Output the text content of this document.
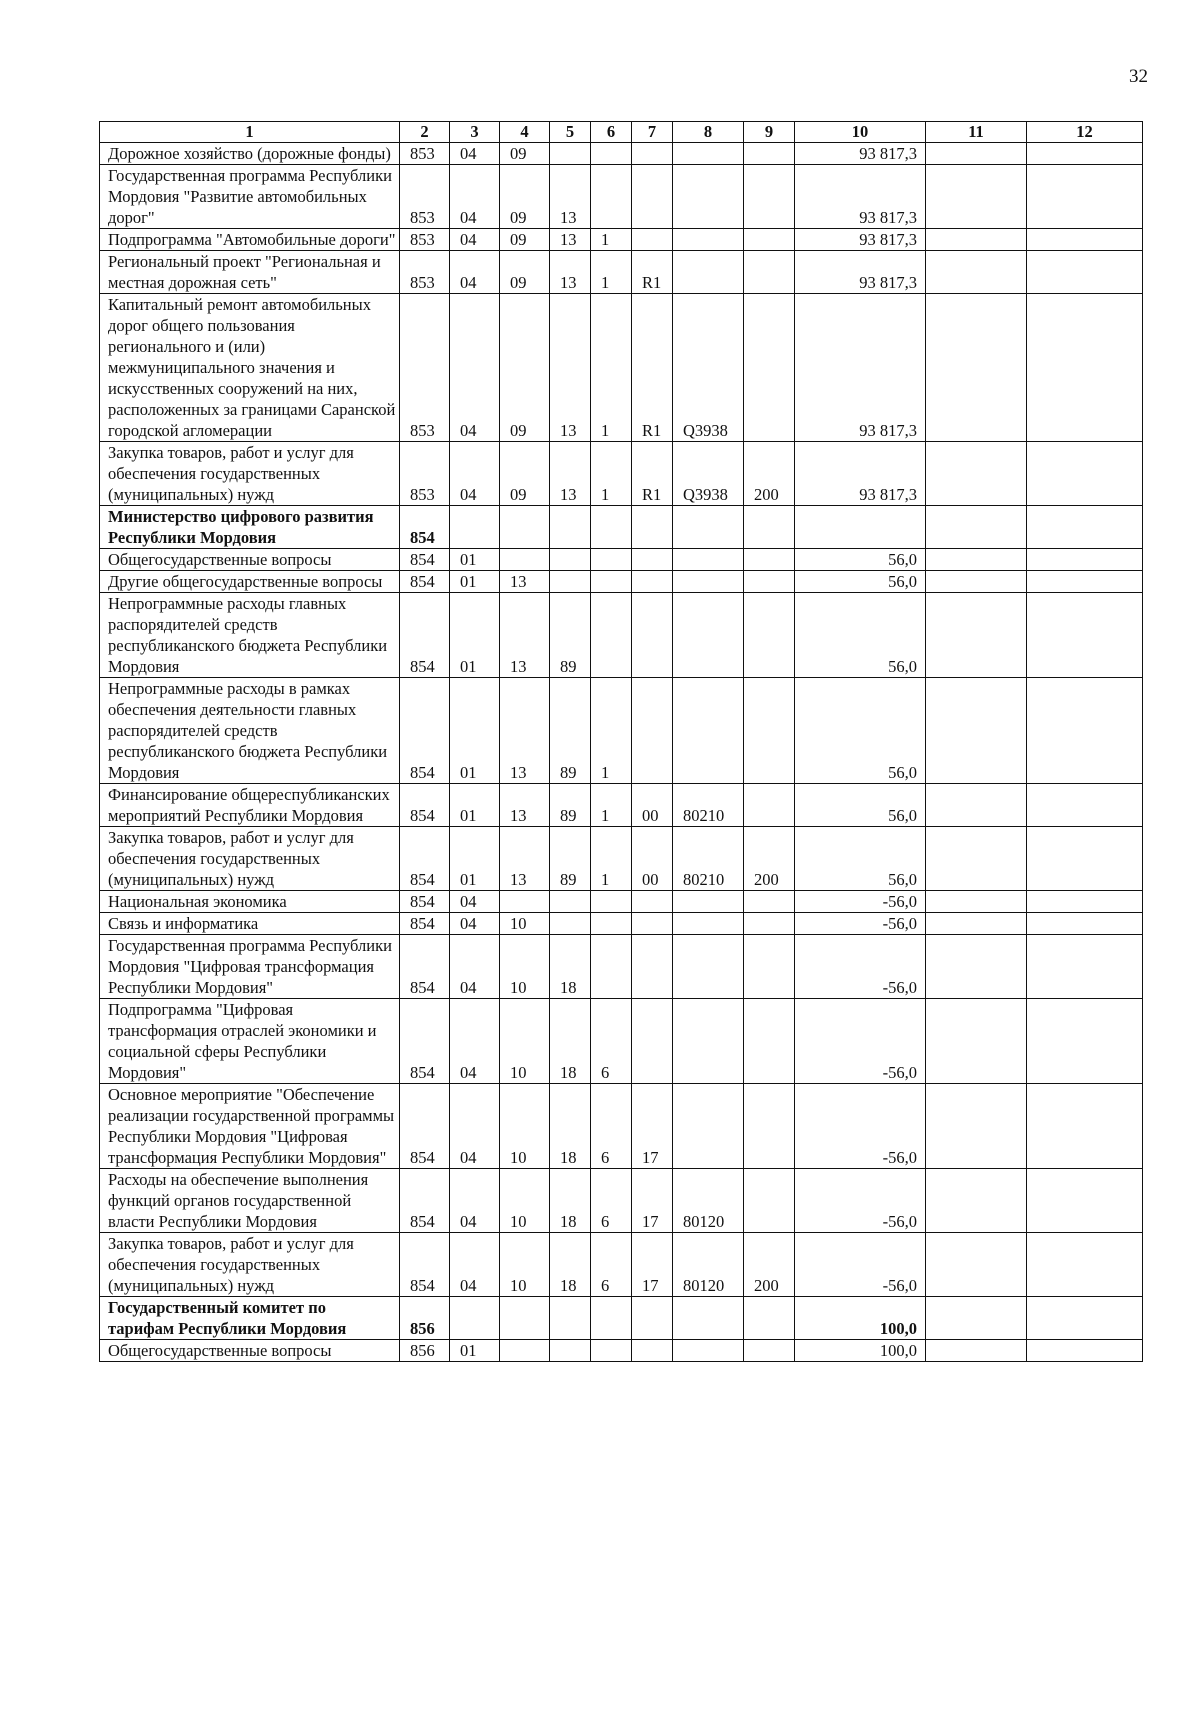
32
1	2	3	4	5	6	7	8	9	10	11	12
Дорожное хозяйство (дорожные фонды)	853	04	09						93 817,3		
Государственная программа Республики Мордовия "Развитие автомобильных дорог"	853	04	09	13					93 817,3		
Подпрограмма "Автомобильные дороги"	853	04	09	13	1				93 817,3		
Региональный проект "Региональная и местная дорожная сеть"	853	04	09	13	1	R1			93 817,3		
Капитальный ремонт автомобильных дорог общего пользования регионального и (или) межмуниципального значения и искусственных сооружений на них, расположенных за границами Саранской городской агломерации	853	04	09	13	1	R1	Q3938		93 817,3		
Закупка товаров, работ и услуг для обеспечения государственных (муниципальных) нужд	853	04	09	13	1	R1	Q3938	200	93 817,3		
Министерство цифрового развития Республики Мордовия	854										
Общегосударственные вопросы	854	01							56,0		
Другие общегосударственные вопросы	854	01	13						56,0		
Непрограммные расходы главных распорядителей средств республиканского бюджета Республики Мордовия	854	01	13	89					56,0		
Непрограммные расходы в рамках обеспечения деятельности главных распорядителей средств республиканского бюджета Республики Мордовия	854	01	13	89	1				56,0		
Финансирование общереспубликанских мероприятий Республики Мордовия	854	01	13	89	1	00	80210		56,0		
Закупка товаров, работ и услуг для обеспечения государственных (муниципальных) нужд	854	01	13	89	1	00	80210	200	56,0		
Национальная экономика	854	04							-56,0		
Связь и информатика	854	04	10						-56,0		
Государственная программа Республики Мордовия "Цифровая трансформация Республики Мордовия"	854	04	10	18					-56,0		
Подпрограмма "Цифровая трансформация отраслей экономики и социальной сферы Республики Мордовия"	854	04	10	18	6				-56,0		
Основное мероприятие "Обеспечение реализации государственной программы Республики Мордовия "Цифровая трансформация Республики Мордовия"	854	04	10	18	6	17			-56,0		
Расходы на обеспечение выполнения функций органов государственной власти Республики Мордовия	854	04	10	18	6	17	80120		-56,0		
Закупка товаров, работ и услуг для обеспечения государственных (муниципальных) нужд	854	04	10	18	6	17	80120	200	-56,0		
Государственный комитет по тарифам Республики Мордовия	856								100,0		
Общегосударственные вопросы	856	01							100,0		
